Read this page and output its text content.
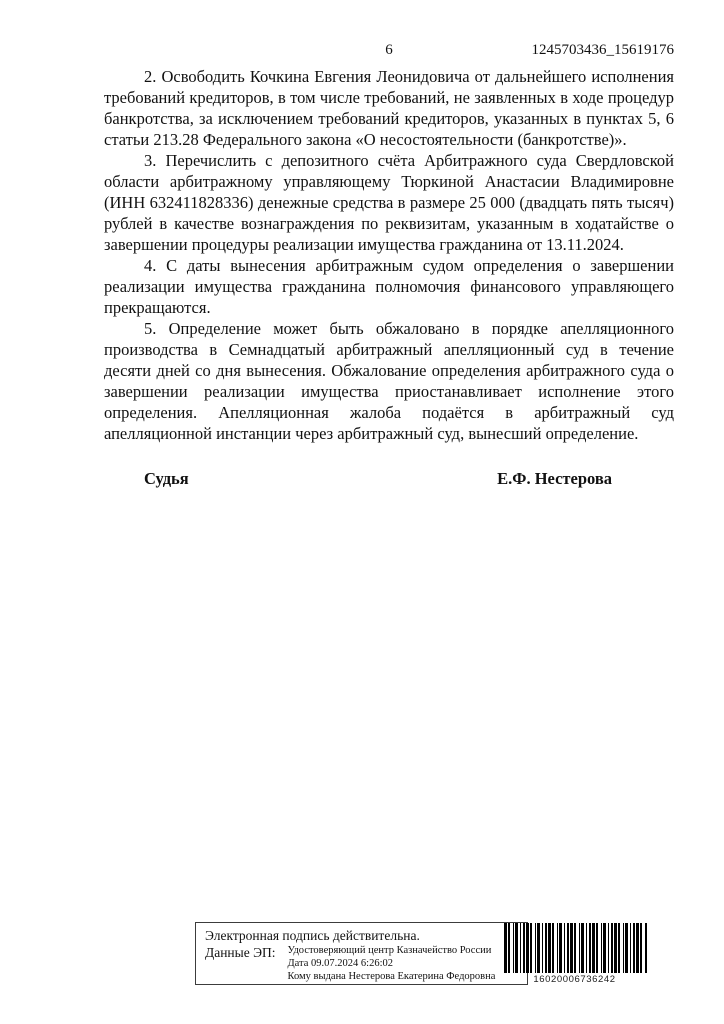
6	1245703436_15619176

2. Освободить Кочкина Евгения Леонидовича от дальнейшего исполнения требований кредиторов, в том числе требований, не заявленных в ходе процедур банкротства, за исключением требований кредиторов, указанных в пунктах 5, 6 статьи 213.28 Федерального закона «О несостоятельности (банкротстве)».

3. Перечислить с депозитного счёта Арбитражного суда Свердловской области арбитражному управляющему Тюркиной Анастасии Владимировне (ИНН 632411828336) денежные средства в размере 25 000 (двадцать пять тысяч) рублей в качестве вознаграждения по реквизитам, указанным в ходатайстве о завершении процедуры реализации имущества гражданина от 13.11.2024.

4. С даты вынесения арбитражным судом определения о завершении реализации имущества гражданина полномочия финансового управляющего прекращаются.

5. Определение может быть обжаловано в порядке апелляционного производства в Семнадцатый арбитражный апелляционный суд в течение десяти дней со дня вынесения. Обжалование определения арбитражного суда о завершении реализации имущества приостанавливает исполнение этого определения. Апелляционная жалоба подаётся в арбитражный суд апелляционной инстанции через арбитражный суд, вынесший определение.

Судья	Е.Ф. Нестерова
Электронная подпись действительна.
Данные ЭП: Удостоверяющий центр Казначейство России
Дата 09.07.2024 6:26:02
Кому выдана Нестерова Екатерина Федоровна	16020006736242
